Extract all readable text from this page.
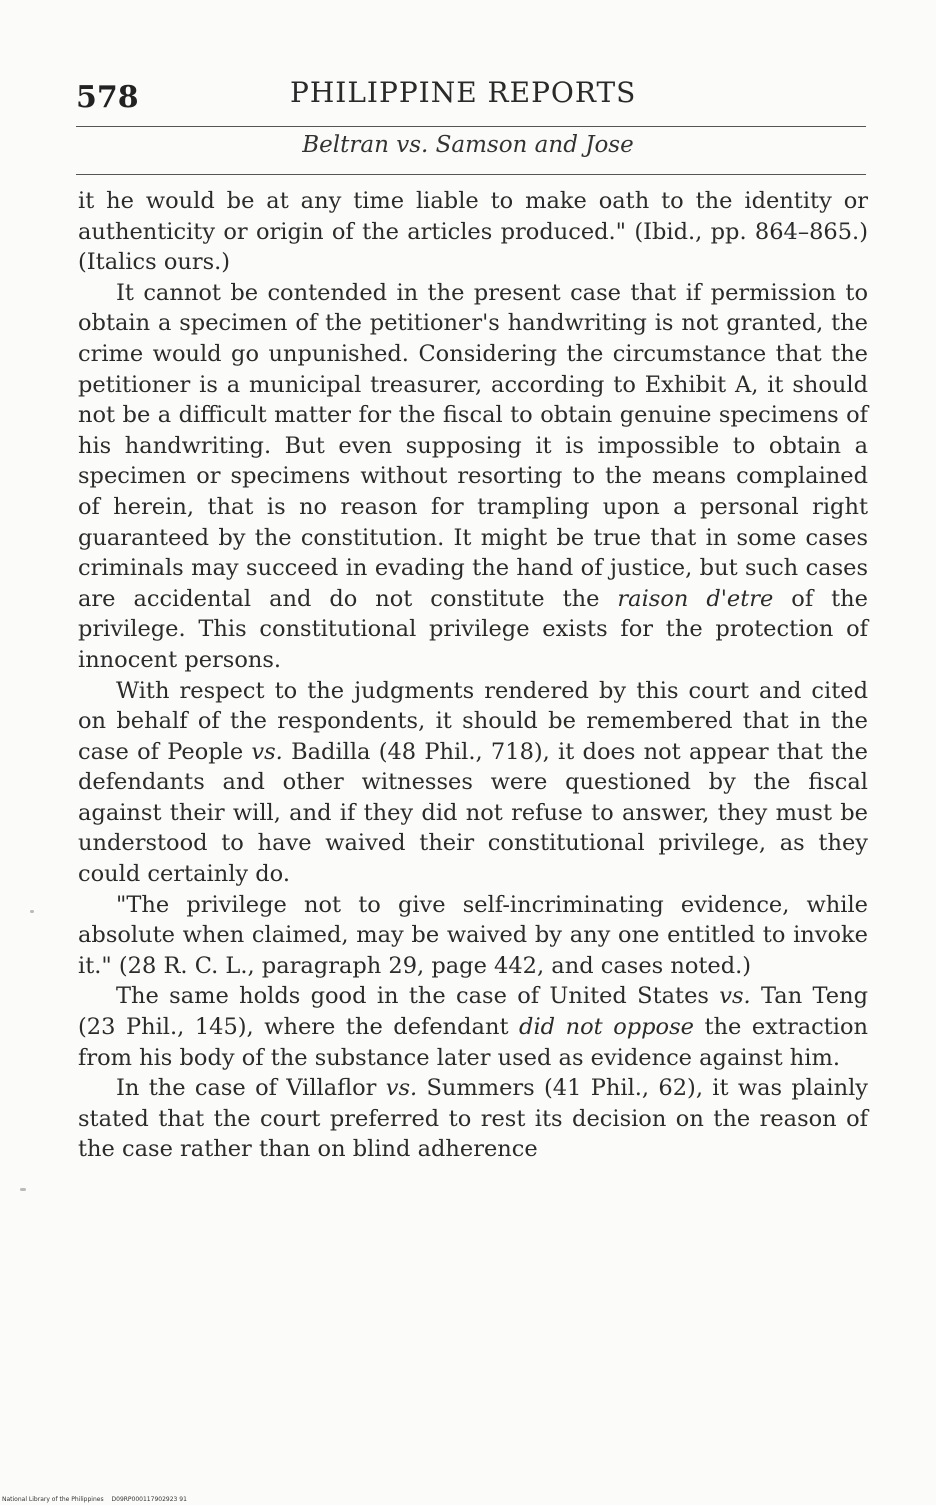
578	PHILIPPINE REPORTS
Beltran vs. Samson and Jose

it he would be at any time liable to make oath to the identity or authenticity or origin of the articles produced." (Ibid., pp. 864–865.) (Italics ours.)

It cannot be contended in the present case that if permission to obtain a specimen of the petitioner's handwriting is not granted, the crime would go unpunished. Considering the circumstance that the petitioner is a municipal treasurer, according to Exhibit A, it should not be a difficult matter for the fiscal to obtain genuine specimens of his handwriting. But even supposing it is impossible to obtain a specimen or specimens without resorting to the means complained of herein, that is no reason for trampling upon a personal right guaranteed by the constitution. It might be true that in some cases criminals may succeed in evading the hand of justice, but such cases are accidental and do not constitute the raison d'etre of the privilege. This constitutional privilege exists for the protection of innocent persons.

With respect to the judgments rendered by this court and cited on behalf of the respondents, it should be remembered that in the case of People vs. Badilla (48 Phil., 718), it does not appear that the defendants and other witnesses were questioned by the fiscal against their will, and if they did not refuse to answer, they must be understood to have waived their constitutional privilege, as they could certainly do.

"The privilege not to give self-incriminating evidence, while absolute when claimed, may be waived by any one entitled to invoke it." (28 R. C. L., paragraph 29, page 442, and cases noted.)

The same holds good in the case of United States vs. Tan Teng (23 Phil., 145), where the defendant did not oppose the extraction from his body of the substance later used as evidence against him.

In the case of Villaflor vs. Summers (41 Phil., 62), it was plainly stated that the court preferred to rest its decision on the reason of the case rather than on blind adherence

National Library of the Philippines D09RP000117902923 91
